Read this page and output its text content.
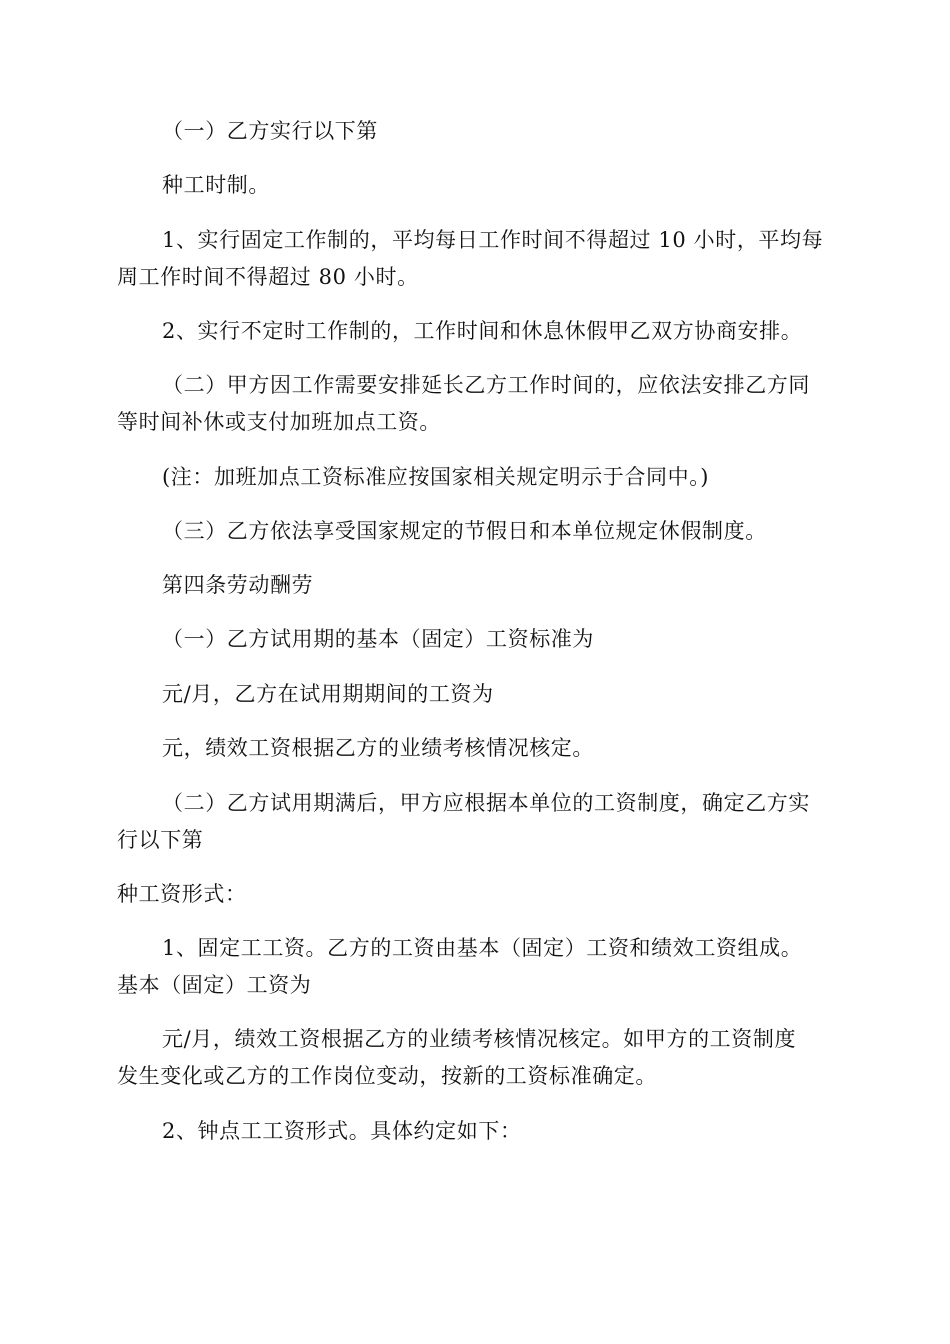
（一）乙方实行以下第
种工时制。
1、实行固定工作制的，平均每日工作时间不得超过 10 小时，平均每
周工作时间不得超过 80 小时。
2、实行不定时工作制的，工作时间和休息休假甲乙双方协商安排。
（二）甲方因工作需要安排延长乙方工作时间的，应依法安排乙方同
等时间补休或支付加班加点工资。
(注：加班加点工资标准应按国家相关规定明示于合同中。)
（三）乙方依法享受国家规定的节假日和本单位规定休假制度。
第四条劳动酬劳
（一）乙方试用期的基本（固定）工资标准为
元/月，乙方在试用期期间的工资为
元，绩效工资根据乙方的业绩考核情况核定。
（二）乙方试用期满后，甲方应根据本单位的工资制度，确定乙方实
行以下第
种工资形式：
1、固定工工资。乙方的工资由基本（固定）工资和绩效工资组成。
基本（固定）工资为
元/月，绩效工资根据乙方的业绩考核情况核定。如甲方的工资制度
发生变化或乙方的工作岗位变动，按新的工资标准确定。
2、钟点工工资形式。具体约定如下：
